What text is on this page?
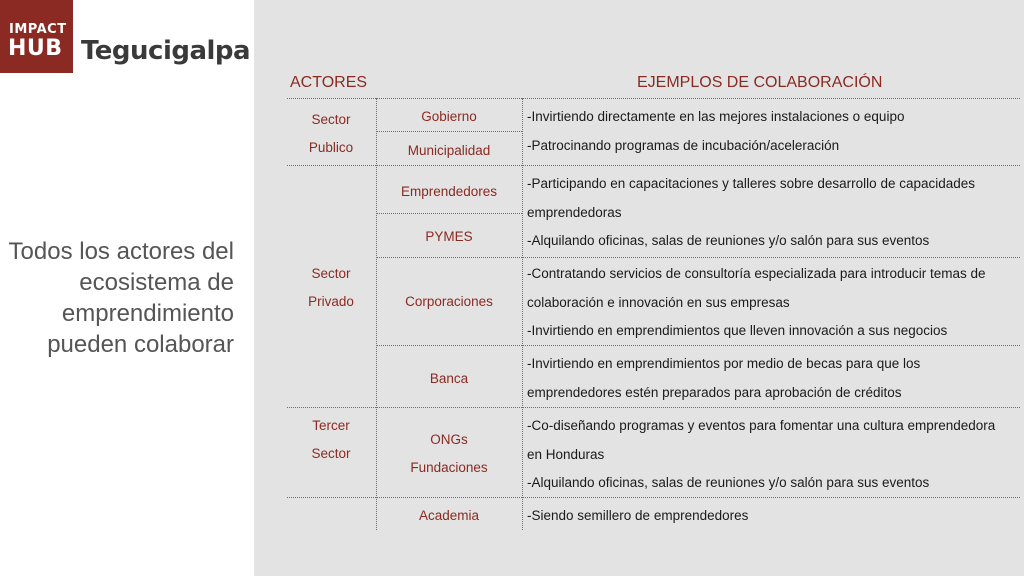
IMPACT
HUB Tegucigalpa
Todos los actores del ecosistema de emprendimiento pueden colaborar
ACTORES	EJEMPLOS DE COLABORACIÓN
Sector
Publico
Sector
Privado
Tercer
Sector
Gobierno
Municipalidad
Emprendedores
PYMES
Corporaciones
Banca
ONGs
Fundaciones
Academia
-Invirtiendo directamente en las mejores instalaciones o equipo
-Patrocinando programas de incubación/aceleración
-Participando en capacitaciones y talleres sobre desarrollo de capacidades
emprendedoras
-Alquilando oficinas, salas de reuniones y/o salón para sus eventos
-Contratando servicios de consultoría especializada para introducir temas de
colaboración e innovación en sus empresas
-Invirtiendo en emprendimientos que lleven innovación a sus negocios
-Invirtiendo en emprendimientos por medio de becas para que los
emprendedores estén preparados para aprobación de créditos
-Co-diseñando programas y eventos para fomentar una cultura emprendedora
en Honduras
-Alquilando oficinas, salas de reuniones y/o salón para sus eventos
-Siendo semillero de emprendedores
